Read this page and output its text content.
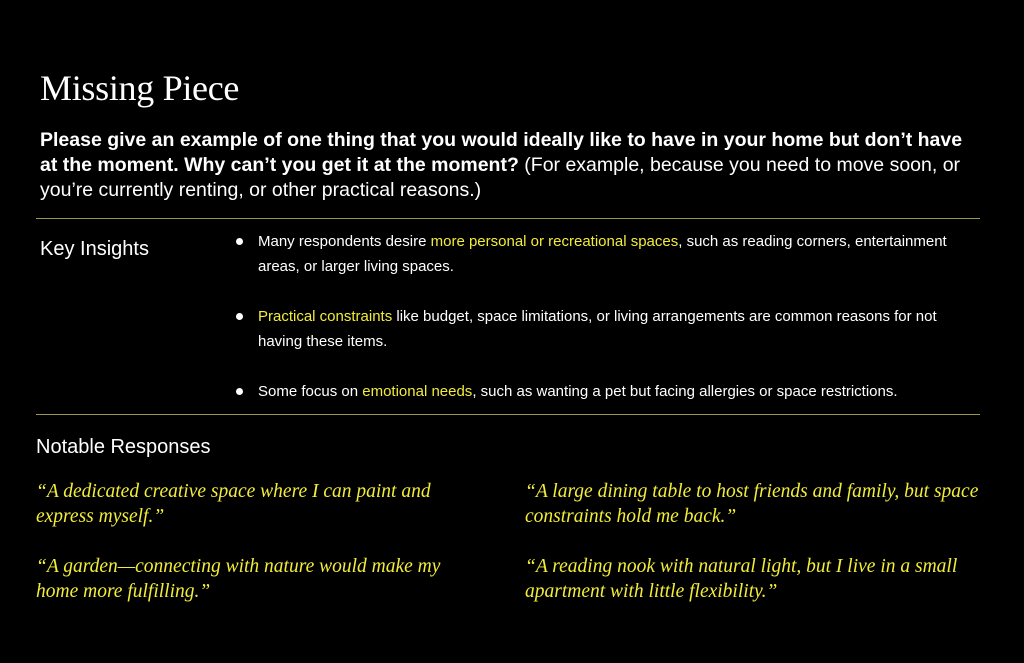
Missing Piece

Please give an example of one thing that you would ideally like to have in your home but don’t have at the moment. Why can’t you get it at the moment? (For example, because you need to move soon, or you’re currently renting, or other practical reasons.)

Key Insights	Many respondents desire more personal or recreational spaces, such as reading corners, entertainment areas, or larger living spaces.
Practical constraints like budget, space limitations, or living arrangements are common reasons for not having these items.
Some focus on emotional needs, such as wanting a pet but facing allergies or space restrictions.
Notable Responses

“A dedicated creative space where I can paint and express myself.”

“A large dining table to host friends and family, but space constraints hold me back.”

“A garden—connecting with nature would make my home more fulfilling.”

“A reading nook with natural light, but I live in a small apartment with little flexibility.”
